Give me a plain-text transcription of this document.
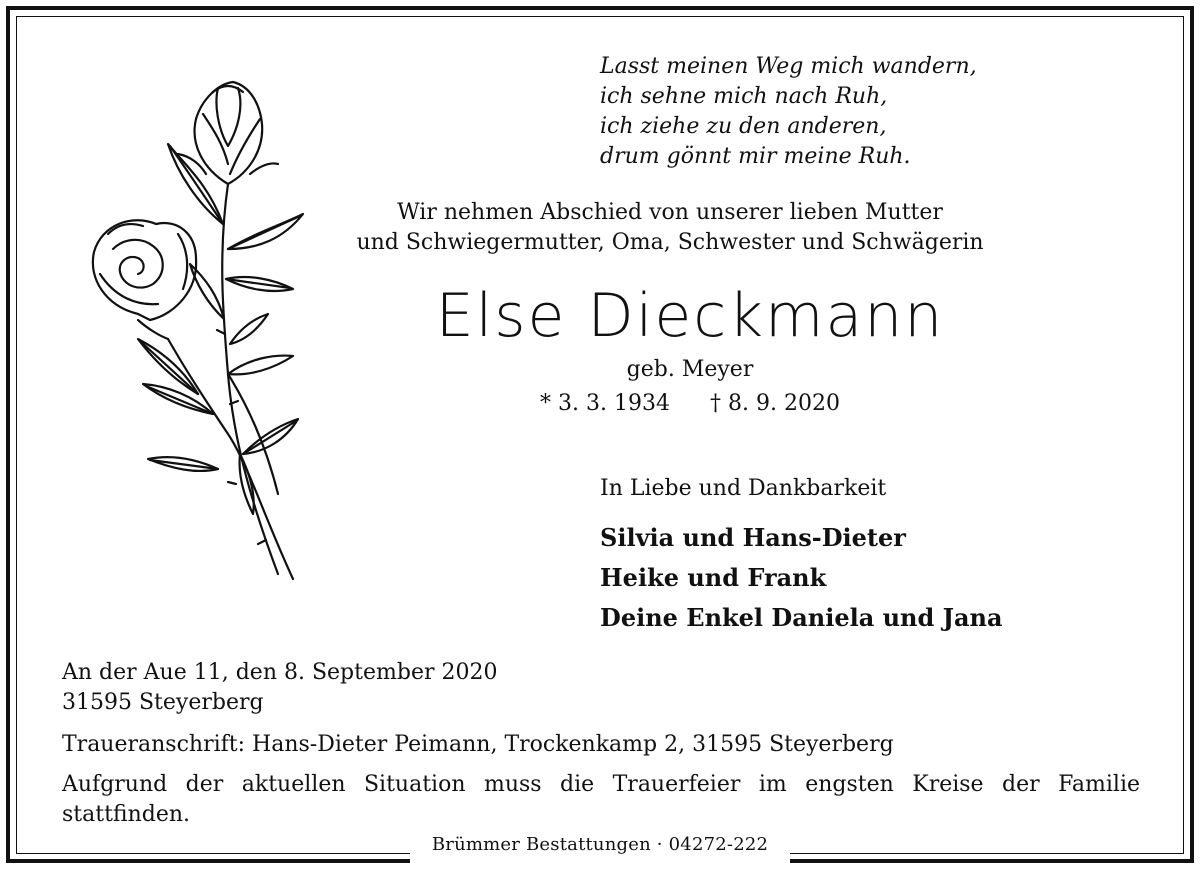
Lasst meinen Weg mich wandern,
ich sehne mich nach Ruh,
ich ziehe zu den anderen,
drum gönnt mir meine Ruh.
Wir nehmen Abschied von unserer lieben Mutter
und Schwiegermutter, Oma, Schwester und Schwägerin
Else Dieckmann
geb. Meyer
* 3. 3. 1934 † 8. 9. 2020
In Liebe und Dankbarkeit
Silvia und Hans-Dieter
Heike und Frank
Deine Enkel Daniela und Jana
An der Aue 11, den 8. September 2020
31595 Steyerberg
Traueranschrift: Hans-Dieter Peimann, Trockenkamp 2, 31595 Steyerberg
Aufgrund der aktuellen Situation muss die Trauerfeier im engsten Kreise der Familie stattfinden.
Brümmer Bestattungen · 04272-222
